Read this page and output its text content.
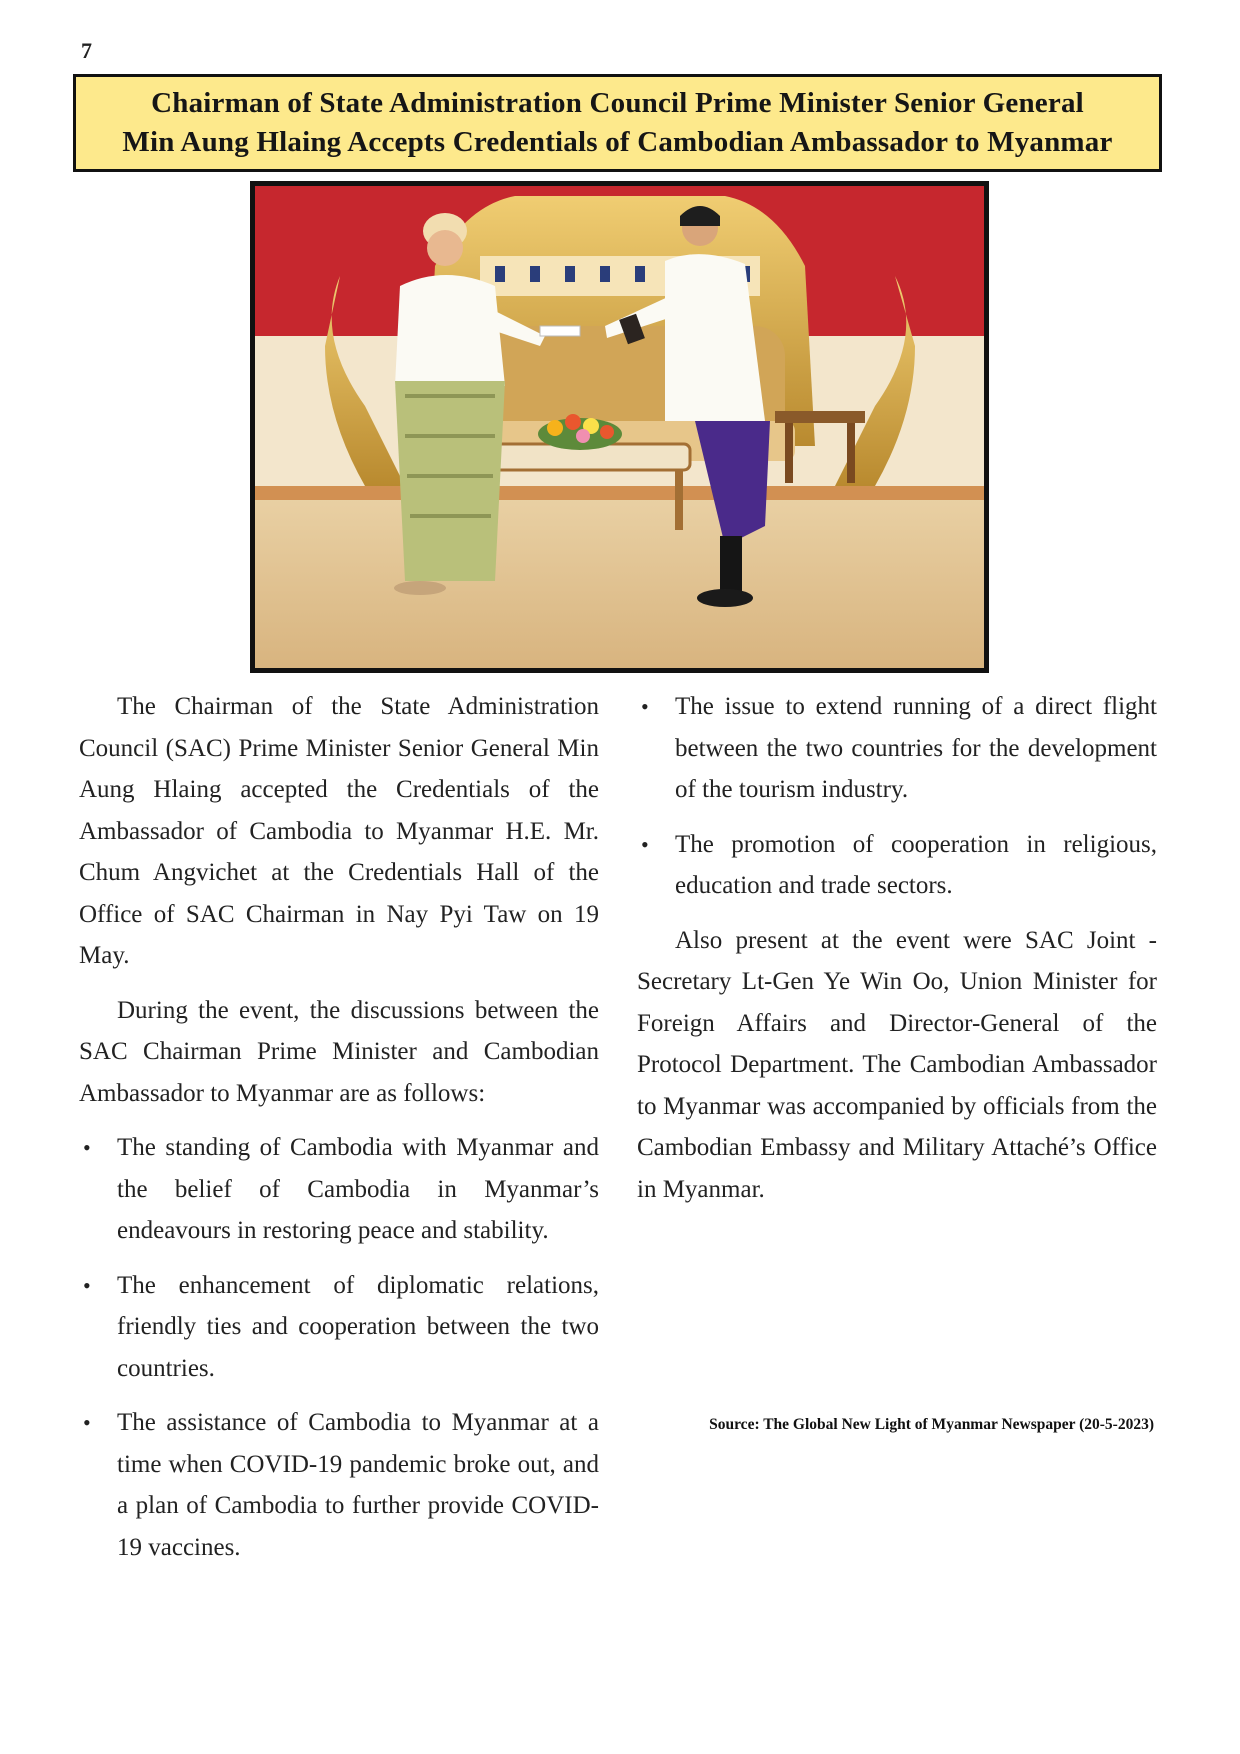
7
Chairman of State Administration Council Prime Minister Senior General
Min Aung Hlaing Accepts Credentials of Cambodian Ambassador to Myanmar

The Chairman of the State Administration Council (SAC) Prime Minister Senior General Min Aung Hlaing accepted the Credentials of the Ambassador of Cambodia to Myanmar H.E. Mr. Chum Angvichet at the Credentials Hall of the Office of SAC Chairman in Nay Pyi Taw on 19 May.

During the event, the discussions between the SAC Chairman Prime Minister and Cambodian Ambassador to Myanmar are as follows:

• The standing of Cambodia with Myanmar and the belief of Cambodia in Myanmar’s endeavours in restoring peace and stability.
• The enhancement of diplomatic relations, friendly ties and cooperation between the two countries.
• The assistance of Cambodia to Myanmar at a time when COVID-19 pandemic broke out, and a plan of Cambodia to further provide COVID-19 vaccines.
• The issue to extend running of a direct flight between the two countries for the development of the tourism industry.
• The promotion of cooperation in religious, education and trade sectors.

Also present at the event were SAC Joint -Secretary Lt-Gen Ye Win Oo, Union Minister for Foreign Affairs and Director-General of the Protocol Department. The Cambodian Ambassador to Myanmar was accompanied by officials from the Cambodian Embassy and Military Attaché’s Office in Myanmar.

Source: The Global New Light of Myanmar Newspaper (20-5-2023)
